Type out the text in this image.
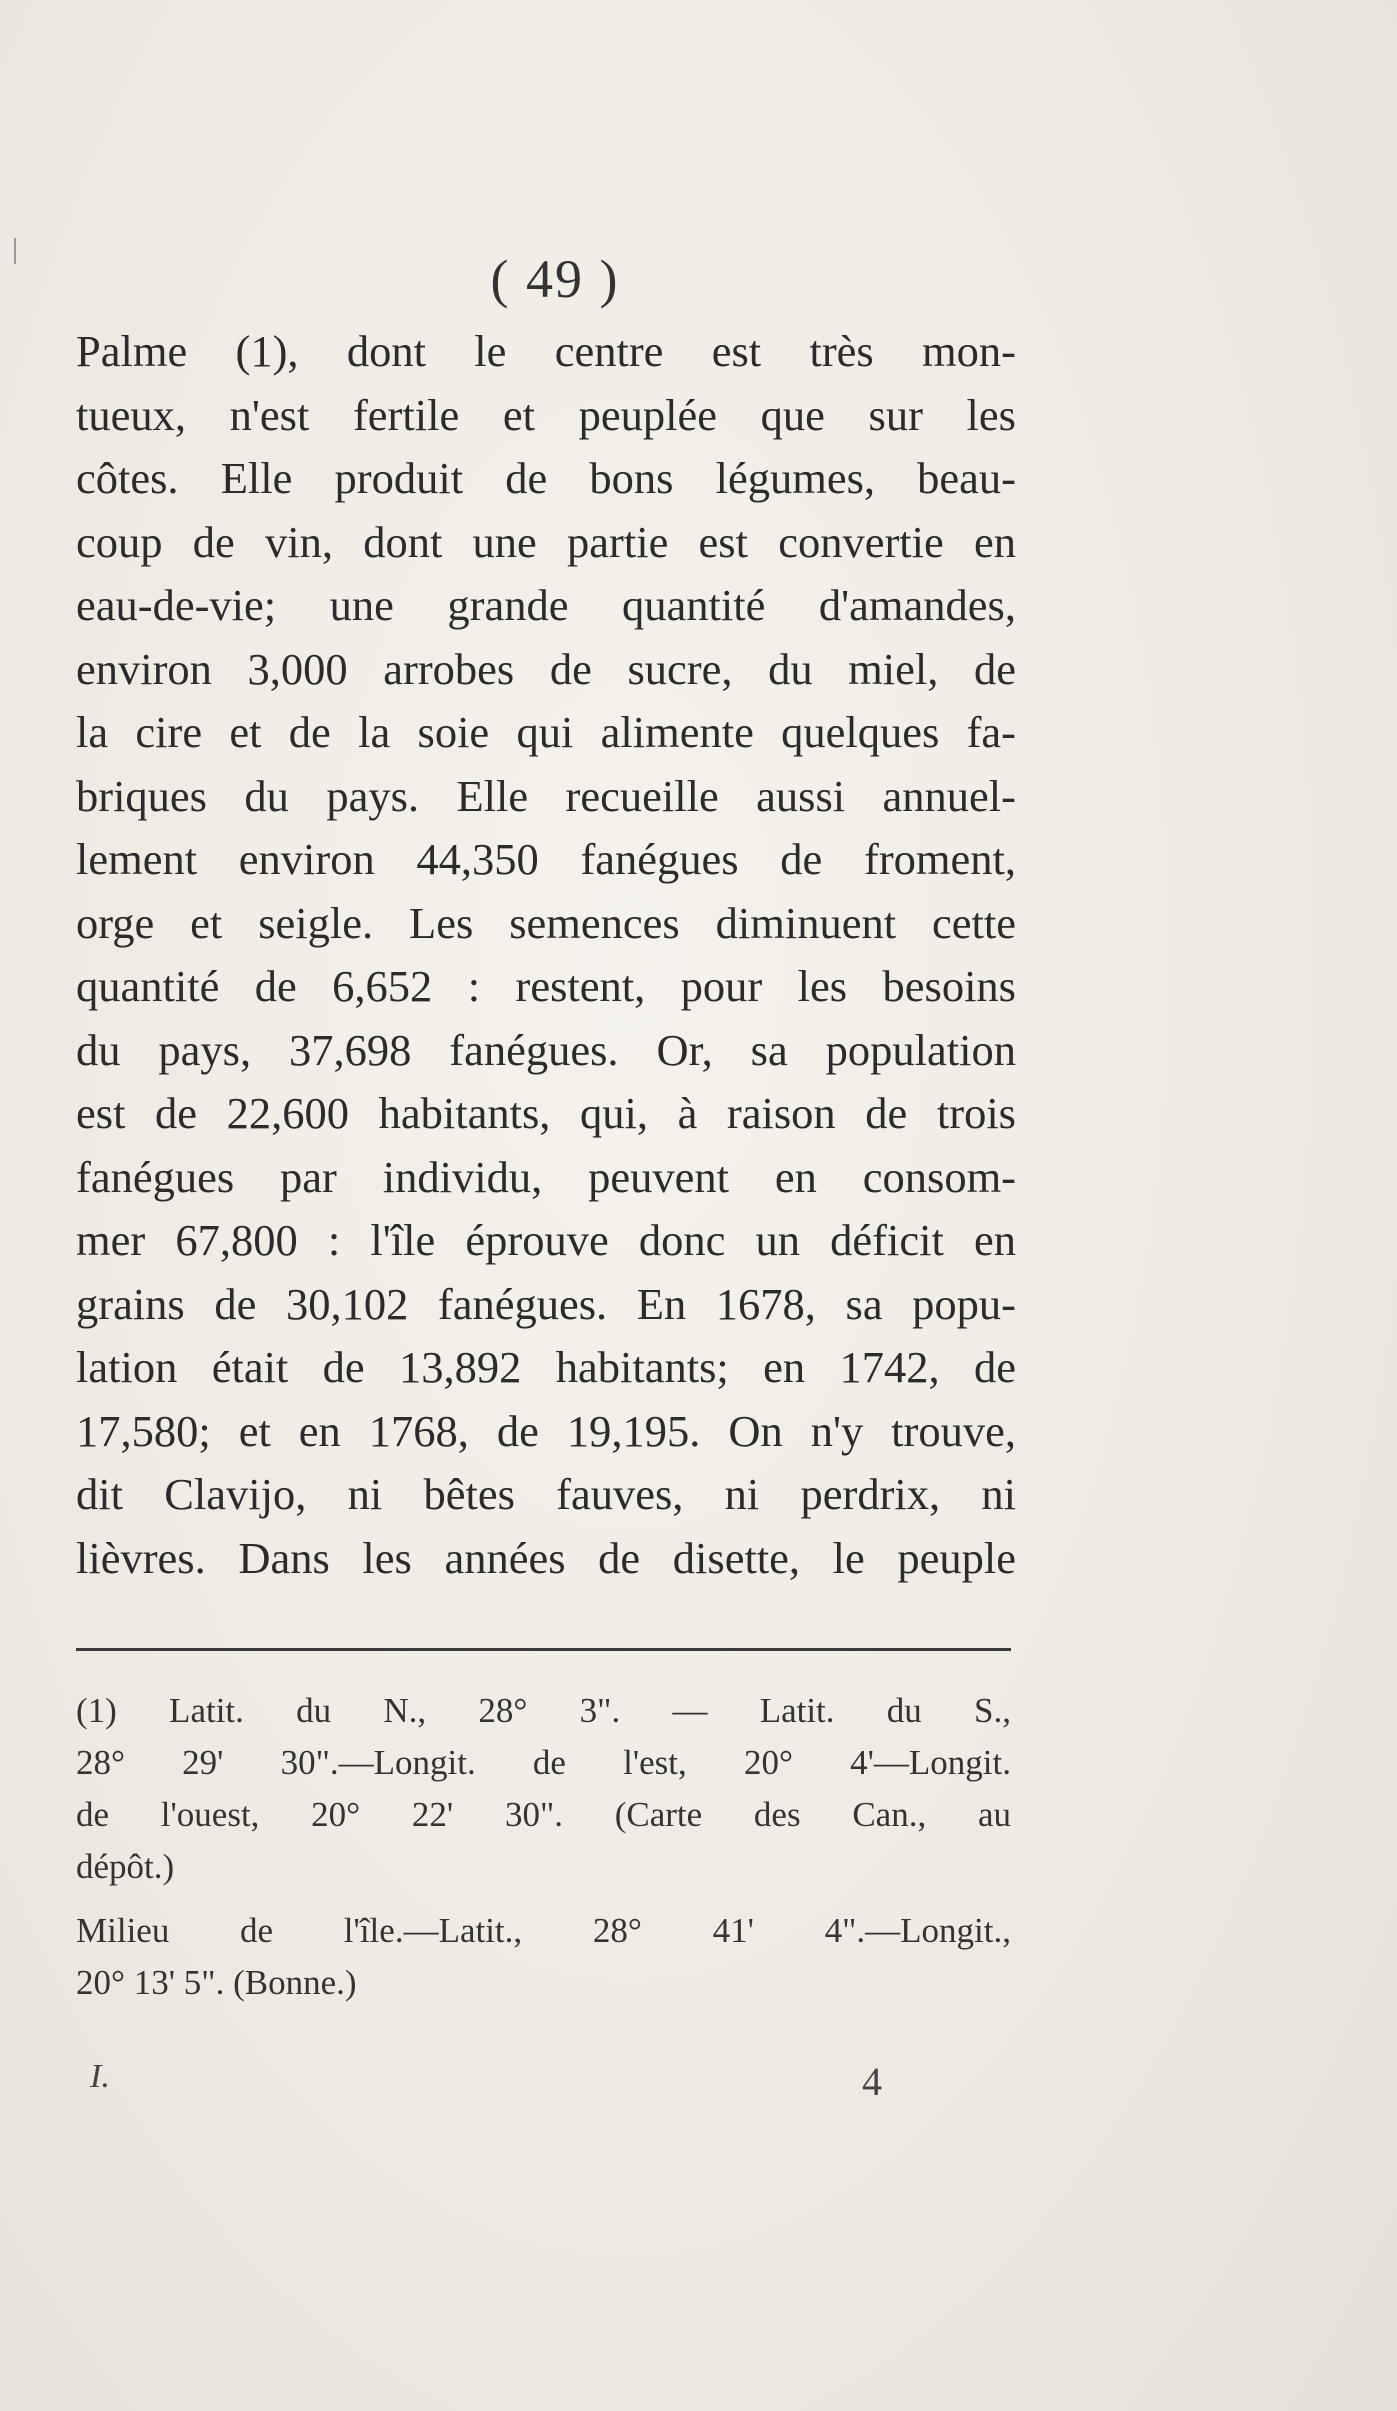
( 49 )
Palme (1), dont le centre est très mon-
tueux, n'est fertile et peuplée que sur les
côtes. Elle produit de bons légumes, beau-
coup de vin, dont une partie est convertie en
eau-de-vie; une grande quantité d'amandes,
environ 3,000 arrobes de sucre, du miel, de
la cire et de la soie qui alimente quelques fa-
briques du pays. Elle recueille aussi annuel-
lement environ 44,350 fanégues de froment,
orge et seigle. Les semences diminuent cette
quantité de 6,652 : restent, pour les besoins
du pays, 37,698 fanégues. Or, sa population
est de 22,600 habitants, qui, à raison de trois
fanégues par individu, peuvent en consom-
mer 67,800 : l'île éprouve donc un déficit en
grains de 30,102 fanégues. En 1678, sa popu-
lation était de 13,892 habitants; en 1742, de
17,580; et en 1768, de 19,195. On n'y trouve,
dit Clavijo, ni bêtes fauves, ni perdrix, ni
lièvres. Dans les années de disette, le peuple
(1) Latit. du N., 28° 3". — Latit. du S.,
28° 29' 30".—Longit. de l'est, 20° 4'—Longit.
de l'ouest, 20° 22' 30". (Carte des Can., au
dépôt.)
Milieu de l'île.—Latit., 28° 41' 4".—Longit.,
20° 13' 5". (Bonne.)
I.	4
